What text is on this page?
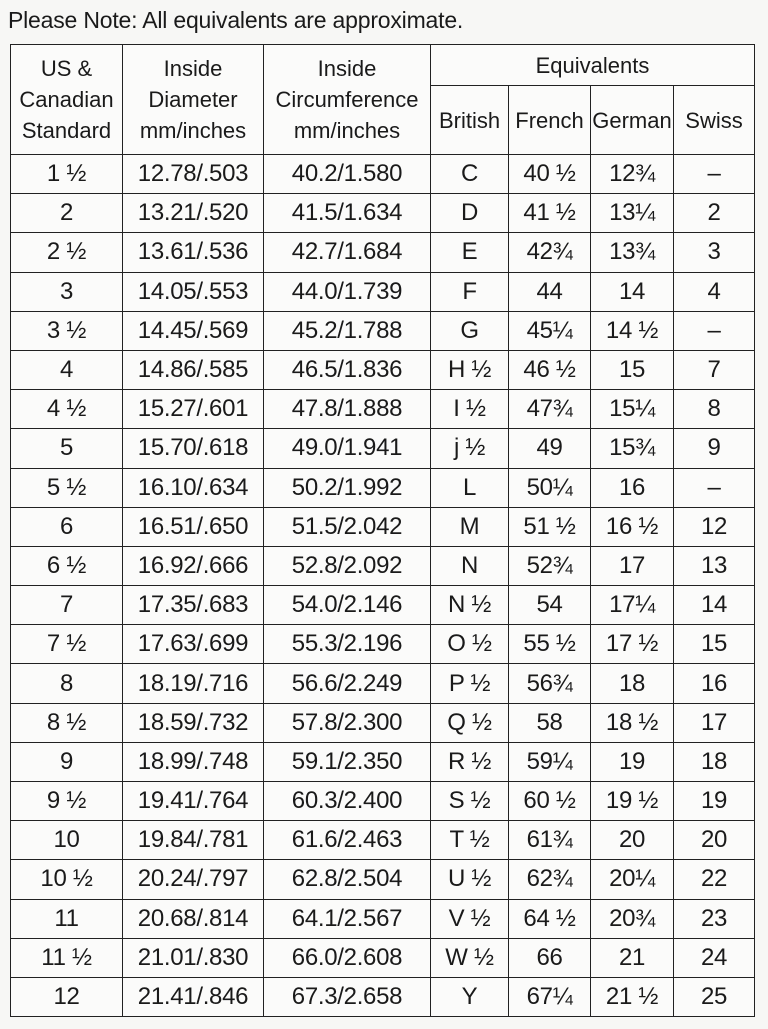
Please Note: All equivalents are approximate.
US &
Canadian
Standard	Inside
Diameter
mm/inches	Inside
Circumference
mm/inches	Equivalents			
			British	French	German	Swiss
1 ½	12.78/.503	40.2/1.580	C	40 ½	12¾	–
2	13.21/.520	41.5/1.634	D	41 ½	13¼	2
2 ½	13.61/.536	42.7/1.684	E	42¾	13¾	3
3	14.05/.553	44.0/1.739	F	44	14	4
3 ½	14.45/.569	45.2/1.788	G	45¼	14 ½	–
4	14.86/.585	46.5/1.836	H ½	46 ½	15	7
4 ½	15.27/.601	47.8/1.888	I ½	47¾	15¼	8
5	15.70/.618	49.0/1.941	j ½	49	15¾	9
5 ½	16.10/.634	50.2/1.992	L	50¼	16	–
6	16.51/.650	51.5/2.042	M	51 ½	16 ½	12
6 ½	16.92/.666	52.8/2.092	N	52¾	17	13
7	17.35/.683	54.0/2.146	N ½	54	17¼	14
7 ½	17.63/.699	55.3/2.196	O ½	55 ½	17 ½	15
8	18.19/.716	56.6/2.249	P ½	56¾	18	16
8 ½	18.59/.732	57.8/2.300	Q ½	58	18 ½	17
9	18.99/.748	59.1/2.350	R ½	59¼	19	18
9 ½	19.41/.764	60.3/2.400	S ½	60 ½	19 ½	19
10	19.84/.781	61.6/2.463	T ½	61¾	20	20
10 ½	20.24/.797	62.8/2.504	U ½	62¾	20¼	22
11	20.68/.814	64.1/2.567	V ½	64 ½	20¾	23
11 ½	21.01/.830	66.0/2.608	W ½	66	21	24
12	21.41/.846	67.3/2.658	Y	67¼	21 ½	25
